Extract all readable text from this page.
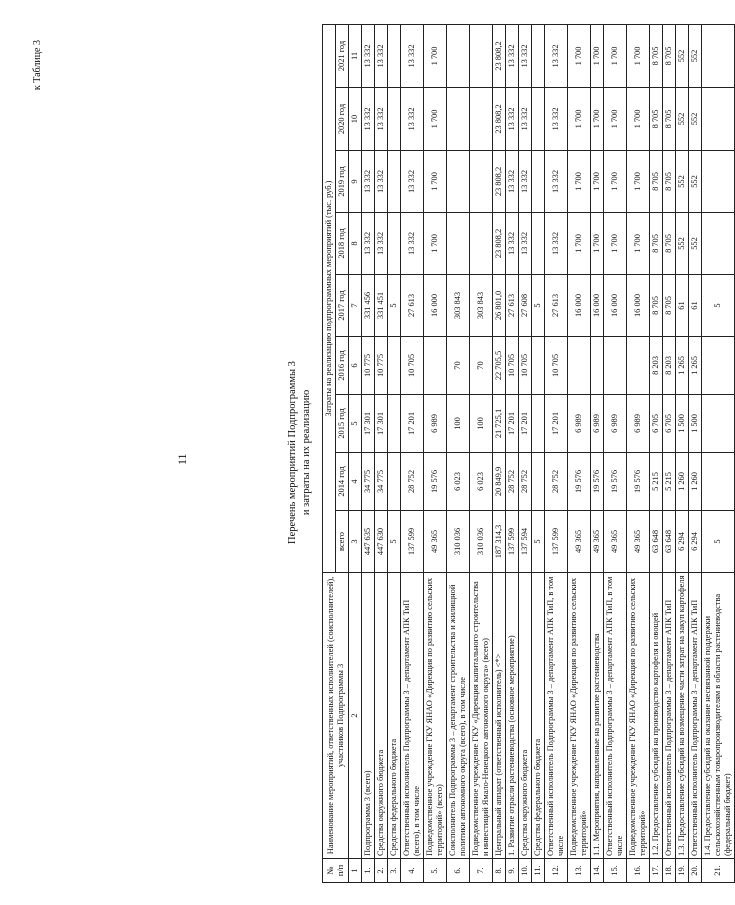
11
к Таблице 3
Перечень мероприятий Подпрограммы 3 и затраты на их реализацию
№ п/п	Наименование мероприятий, ответственных исполнителей (соисполнителей), участников Подпрограммы 3	Затраты на реализацию подпрограммных мероприятий (тыс. руб.)								
		всего	2014 год	2015 год	2016 год	2017 год	2018 год	2019 год	2020 год	2021 год
1	2	3	4	5	6	7	8	9	10	11
1.	Подпрограмма 3 (всего)	447 635	34 775	17 301	10 775	331 456	13 332	13 332	13 332	13 332
2.	Средства окружного бюджета	447 630	34 775	17 301	10 775	331 451	13 332	13 332	13 332	13 332
3.	Средства федерального бюджета	5				5				
4.	Ответственный исполнитель Подпрограммы 3 – департамент АПК ТиП (всего), в том числе	137 599	28 752	17 201	10 705	27 613	13 332	13 332	13 332	13 332
5.	Подведомственное учреждение ГКУ ЯНАО «Дирекция по развитию сельских территорий» (всего)	49 365	19 576	6 989		16 000	1 700	1 700	1 700	1 700
6.	Соисполнитель Подпрограммы 3 – департамент строительства и жилищной политики автономного округа (всего), в том числе	310 036	6 023	100	70	303 843				
7.	Подведомственное учреждение ГКУ «Дирекция капитального строительства и инвестиций Ямало-Ненецкого автономного округа» (всего)	310 036	6 023	100	70	303 843				
8.	Центральный аппарат (ответственный исполнитель) <*>	187 314,3	20 849,9	21 725,1	22 705,5	26 801,0	23 808,2	23 808,2	23 808,2	23 808,2
9.	1. Развитие отрасли растениеводства (основное мероприятие)	137 599	28 752	17 201	10 705	27 613	13 332	13 332	13 332	13 332
10.	Средства окружного бюджета	137 594	28 752	17 201	10 705	27 608	13 332	13 332	13 332	13 332
11.	Средства федерального бюджета	5				5				
12.	Ответственный исполнитель Подпрограммы 3 – департамент АПК ТиП, в том числе	137 599	28 752	17 201	10 705	27 613	13 332	13 332	13 332	13 332
13.	Подведомственное учреждение ГКУ ЯНАО «Дирекция по развитию сельских территорий»	49 365	19 576	6 989		16 000	1 700	1 700	1 700	1 700
14.	1.1. Мероприятия, направленные на развитие растениеводства	49 365	19 576	6 989		16 000	1 700	1 700	1 700	1 700
15.	Ответственный исполнитель Подпрограммы 3 – департамент АПК ТиП, в том числе	49 365	19 576	6 989		16 000	1 700	1 700	1 700	1 700
16.	Подведомственное учреждение ГКУ ЯНАО «Дирекция по развитию сельских территорий»	49 365	19 576	6 989		16 000	1 700	1 700	1 700	1 700
17.	1.2. Предоставление субсидий на производство картофеля и овощей	63 648	5 215	6 705	8 203	8 705	8 705	8 705	8 705	8 705
18.	Ответственный исполнитель Подпрограммы 3 – департамент АПК ТиП	63 648	5 215	6 705	8 203	8 705	8 705	8 705	8 705	8 705
19.	1.3. Предоставление субсидий на возмещение части затрат на закуп картофеля	6 294	1 260	1 500	1 265	61	552	552	552	552
20.	Ответственный исполнитель Подпрограммы 3 – департамент АПК ТиП	6 294	1 260	1 500	1 265	61	552	552	552	552
21.	1.4. Предоставление субсидий на оказание несвязанной поддержки сельскохозяйственным товаропроизводителям в области растениеводства (федеральный бюджет)	5				5				
